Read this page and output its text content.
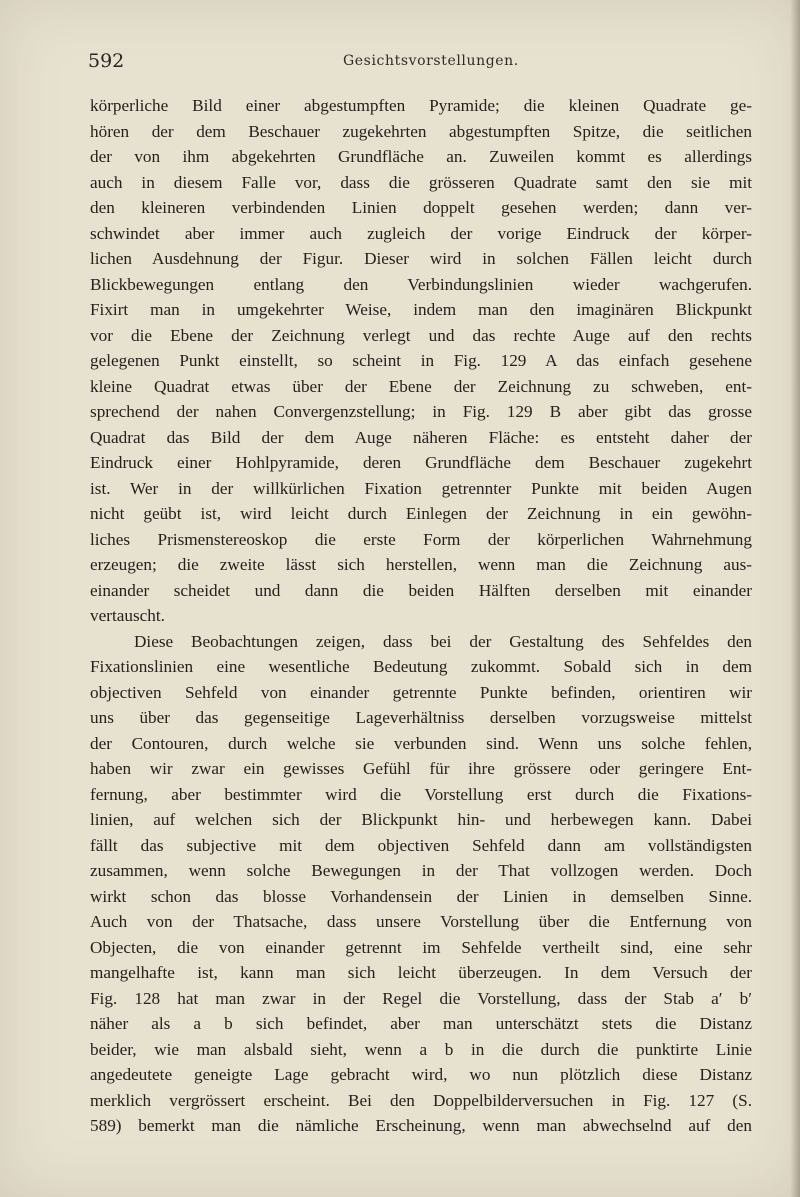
592	Gesichtsvorstellungen.
körperliche Bild einer abgestumpften Pyramide; die kleinen Quadrate ge-
hören der dem Beschauer zugekehrten abgestumpften Spitze, die seitlichen
der von ihm abgekehrten Grundfläche an. Zuweilen kommt es allerdings
auch in diesem Falle vor, dass die grösseren Quadrate samt den sie mit
den kleineren verbindenden Linien doppelt gesehen werden; dann ver-
schwindet aber immer auch zugleich der vorige Eindruck der körper-
lichen Ausdehnung der Figur. Dieser wird in solchen Fällen leicht durch
Blickbewegungen entlang den Verbindungslinien wieder wachgerufen.
Fixirt man in umgekehrter Weise, indem man den imaginären Blickpunkt
vor die Ebene der Zeichnung verlegt und das rechte Auge auf den rechts
gelegenen Punkt einstellt, so scheint in Fig. 129 A das einfach gesehene
kleine Quadrat etwas über der Ebene der Zeichnung zu schweben, ent-
sprechend der nahen Convergenzstellung; in Fig. 129 B aber gibt das grosse
Quadrat das Bild der dem Auge näheren Fläche: es entsteht daher der
Eindruck einer Hohlpyramide, deren Grundfläche dem Beschauer zugekehrt
ist. Wer in der willkürlichen Fixation getrennter Punkte mit beiden Augen
nicht geübt ist, wird leicht durch Einlegen der Zeichnung in ein gewöhn-
liches Prismenstereoskop die erste Form der körperlichen Wahrnehmung
erzeugen; die zweite lässt sich herstellen, wenn man die Zeichnung aus-
einander scheidet und dann die beiden Hälften derselben mit einander
vertauscht.
Diese Beobachtungen zeigen, dass bei der Gestaltung des Sehfeldes den
Fixationslinien eine wesentliche Bedeutung zukommt. Sobald sich in dem
objectiven Sehfeld von einander getrennte Punkte befinden, orientiren wir
uns über das gegenseitige Lageverhältniss derselben vorzugsweise mittelst
der Contouren, durch welche sie verbunden sind. Wenn uns solche fehlen,
haben wir zwar ein gewisses Gefühl für ihre grössere oder geringere Ent-
fernung, aber bestimmter wird die Vorstellung erst durch die Fixations-
linien, auf welchen sich der Blickpunkt hin- und herbewegen kann. Dabei
fällt das subjective mit dem objectiven Sehfeld dann am vollständigsten
zusammen, wenn solche Bewegungen in der That vollzogen werden. Doch
wirkt schon das blosse Vorhandensein der Linien in demselben Sinne.
Auch von der Thatsache, dass unsere Vorstellung über die Entfernung von
Objecten, die von einander getrennt im Sehfelde vertheilt sind, eine sehr
mangelhafte ist, kann man sich leicht überzeugen. In dem Versuch der
Fig. 128 hat man zwar in der Regel die Vorstellung, dass der Stab a′ b′
näher als a b sich befindet, aber man unterschätzt stets die Distanz
beider, wie man alsbald sieht, wenn a b in die durch die punktirte Linie
angedeutete geneigte Lage gebracht wird, wo nun plötzlich diese Distanz
merklich vergrössert erscheint. Bei den Doppelbilderversuchen in Fig. 127 (S.
589) bemerkt man die nämliche Erscheinung, wenn man abwechselnd auf den
